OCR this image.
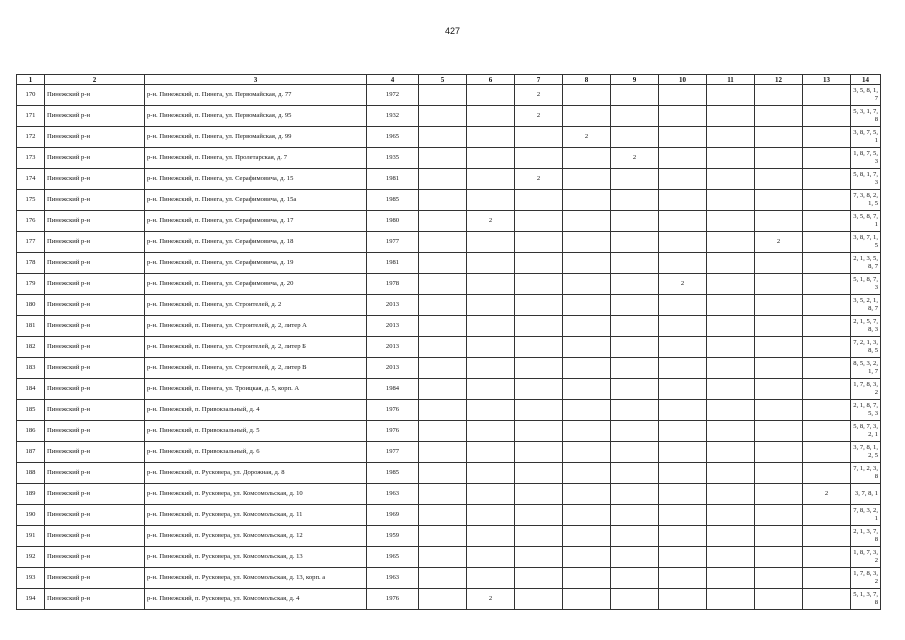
427
1	2	3	4	5	6	7	8	9	10	11	12	13	14
170	Пинежский р-н	р-н. Пинежский, п. Пинега, ул. Первомайская, д. 77	1972			2							3, 5, 8, 1, 7
171	Пинежский р-н	р-н. Пинежский, п. Пинега, ул. Первомайская, д. 95	1932			2							5, 3, 1, 7, 8
172	Пинежский р-н	р-н. Пинежский, п. Пинега, ул. Первомайская, д. 99	1965				2						3, 8, 7, 5, 1
173	Пинежский р-н	р-н. Пинежский, п. Пинега, ул. Пролетарская, д. 7	1935					2					1, 8, 7, 5, 3
174	Пинежский р-н	р-н. Пинежский, п. Пинега, ул. Серафимовича, д. 15	1981			2							5, 8, 1, 7, 3
175	Пинежский р-н	р-н. Пинежский, п. Пинега, ул. Серафимовича, д. 15а	1985										7, 3, 8, 2, 1, 5
176	Пинежский р-н	р-н. Пинежский, п. Пинега, ул. Серафимовича, д. 17	1980		2								3, 5, 8, 7, 1
177	Пинежский р-н	р-н. Пинежский, п. Пинега, ул. Серафимовича, д. 18	1977								2		3, 8, 7, 1, 5
178	Пинежский р-н	р-н. Пинежский, п. Пинега, ул. Серафимовича, д. 19	1981										2, 1, 3, 5, 8, 7
179	Пинежский р-н	р-н. Пинежский, п. Пинега, ул. Серафимовича, д. 20	1978						2				5, 1, 8, 7, 3
180	Пинежский р-н	р-н. Пинежский, п. Пинега, ул. Строителей, д. 2	2013										3, 5, 2, 1, 8, 7
181	Пинежский р-н	р-н. Пинежский, п. Пинега, ул. Строителей, д. 2, литер А	2013										2, 1, 5, 7, 8, 3
182	Пинежский р-н	р-н. Пинежский, п. Пинега, ул. Строителей, д. 2, литер Б	2013										7, 2, 1, 3, 8, 5
183	Пинежский р-н	р-н. Пинежский, п. Пинега, ул. Строителей, д. 2, литер В	2013										8, 5, 3, 2, 1, 7
184	Пинежский р-н	р-н. Пинежский, п. Пинега, ул. Троицкая, д. 5, корп. А	1984										1, 7, 8, 3, 2
185	Пинежский р-н	р-н. Пинежский, п. Привокзальный, д. 4	1976										2, 1, 8, 7, 5, 3
186	Пинежский р-н	р-н. Пинежский, п. Привокзальный, д. 5	1976										5, 8, 7, 3, 2, 1
187	Пинежский р-н	р-н. Пинежский, п. Привокзальный, д. 6	1977										3, 7, 8, 1, 2, 5
188	Пинежский р-н	р-н. Пинежский, п. Русковера, ул. Дорожная, д. 8	1985										7, 1, 2, 3, 8
189	Пинежский р-н	р-н. Пинежский, п. Русковера, ул. Комсомольская, д. 10	1963									2	3, 7, 8, 1
190	Пинежский р-н	р-н. Пинежский, п. Русковера, ул. Комсомольская, д. 11	1969										7, 8, 3, 2, 1
191	Пинежский р-н	р-н. Пинежский, п. Русковера, ул. Комсомольская, д. 12	1959										2, 1, 3, 7, 8
192	Пинежский р-н	р-н. Пинежский, п. Русковера, ул. Комсомольская, д. 13	1965										1, 8, 7, 3, 2
193	Пинежский р-н	р-н. Пинежский, п. Русковера, ул. Комсомольская, д. 13, корп. а	1963										1, 7, 8, 3, 2
194	Пинежский р-н	р-н. Пинежский, п. Русковера, ул. Комсомольская, д. 4	1976		2								5, 1, 3, 7, 8
